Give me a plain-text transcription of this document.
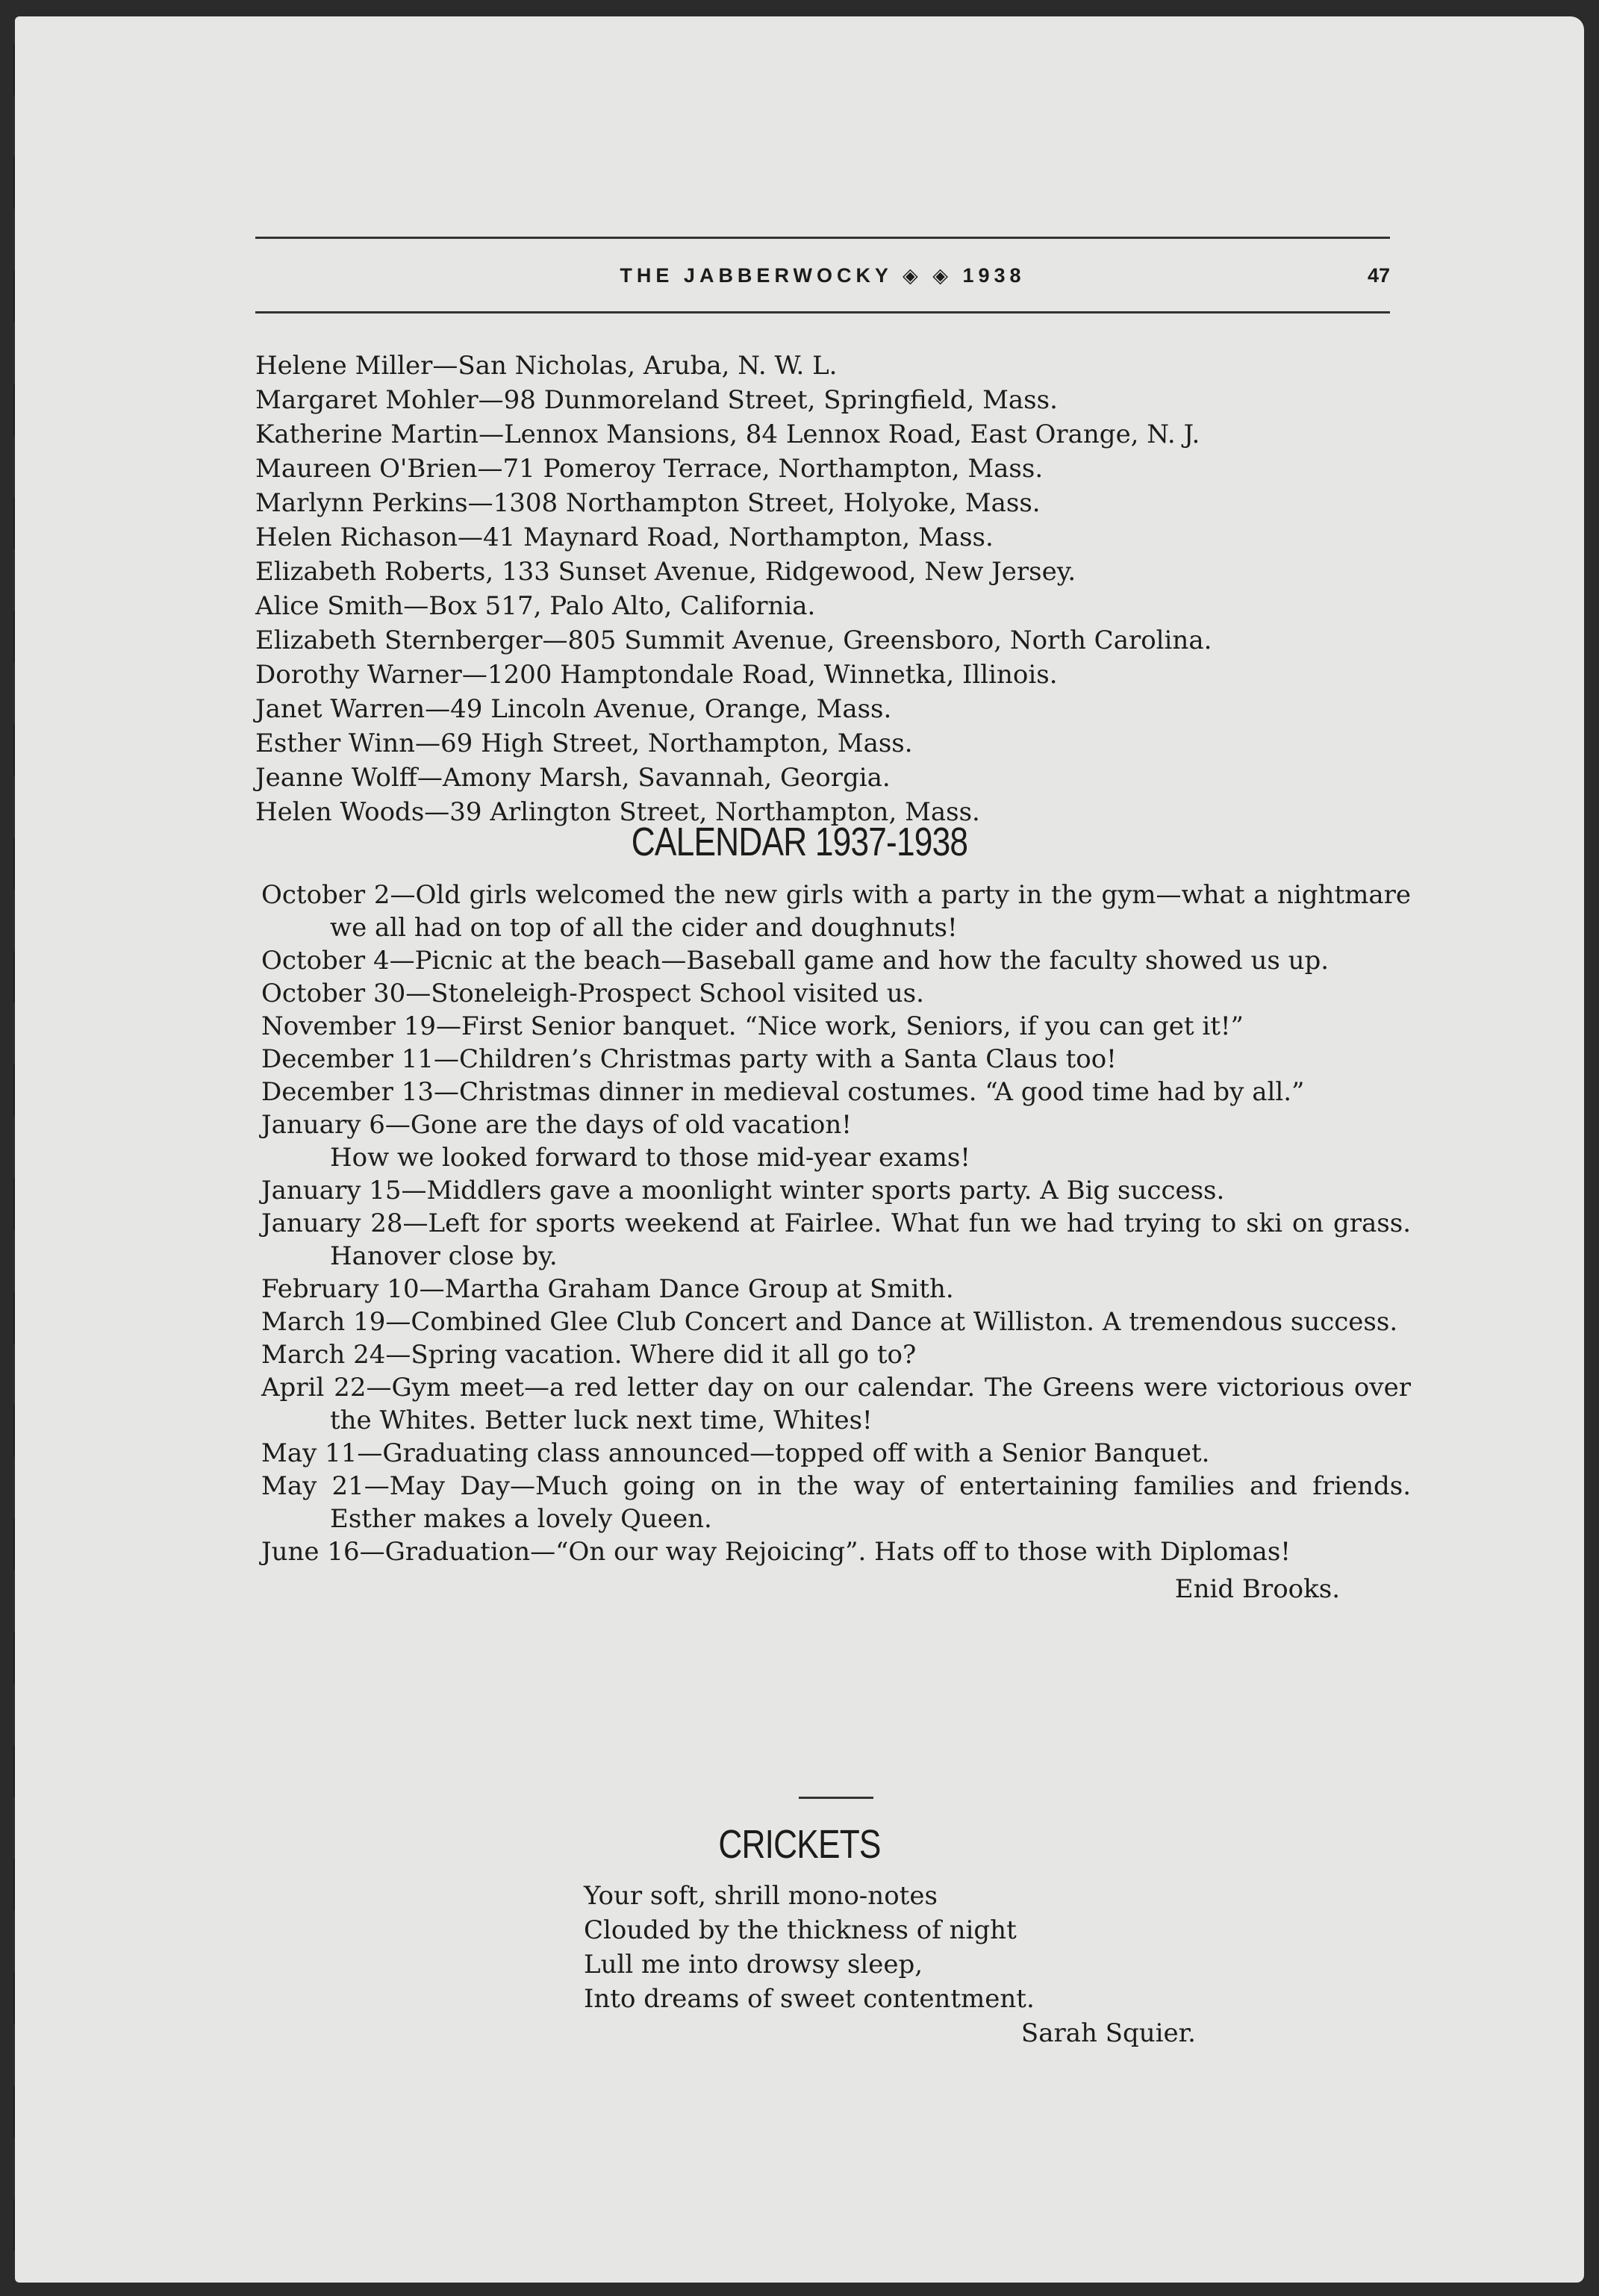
THE JABBERWOCKY ◈ ◈ 1938	47
Helene Miller—San Nicholas, Aruba, N. W. L.
Margaret Mohler—98 Dunmoreland Street, Springfield, Mass.
Katherine Martin—Lennox Mansions, 84 Lennox Road, East Orange, N. J.
Maureen O'Brien—71 Pomeroy Terrace, Northampton, Mass.
Marlynn Perkins—1308 Northampton Street, Holyoke, Mass.
Helen Richason—41 Maynard Road, Northampton, Mass.
Elizabeth Roberts, 133 Sunset Avenue, Ridgewood, New Jersey.
Alice Smith—Box 517, Palo Alto, California.
Elizabeth Sternberger—805 Summit Avenue, Greensboro, North Carolina.
Dorothy Warner—1200 Hamptondale Road, Winnetka, Illinois.
Janet Warren—49 Lincoln Avenue, Orange, Mass.
Esther Winn—69 High Street, Northampton, Mass.
Jeanne Wolff—Amony Marsh, Savannah, Georgia.
Helen Woods—39 Arlington Street, Northampton, Mass.
CALENDAR 1937-1938
October 2—Old girls welcomed the new girls with a party in the gym—what a nightmare we all had on top of all the cider and doughnuts!
October 4—Picnic at the beach—Baseball game and how the faculty showed us up.
October 30—Stoneleigh-Prospect School visited us.
November 19—First Senior banquet. “Nice work, Seniors, if you can get it!”
December 11—Children’s Christmas party with a Santa Claus too!
December 13—Christmas dinner in medieval costumes. “A good time had by all.”
January 6—Gone are the days of old vacation!
How we looked forward to those mid-year exams!
January 15—Middlers gave a moonlight winter sports party. A Big success.
January 28—Left for sports weekend at Fairlee. What fun we had trying to ski on grass. Hanover close by.
February 10—Martha Graham Dance Group at Smith.
March 19—Combined Glee Club Concert and Dance at Williston. A tremendous success.
March 24—Spring vacation. Where did it all go to?
April 22—Gym meet—a red letter day on our calendar. The Greens were victorious over the Whites. Better luck next time, Whites!
May 11—Graduating class announced—topped off with a Senior Banquet.
May 21—May Day—Much going on in the way of entertaining families and friends. Esther makes a lovely Queen.
June 16—Graduation—“On our way Rejoicing”. Hats off to those with Diplomas!
Enid Brooks.
CRICKETS
Your soft, shrill mono-notes
Clouded by the thickness of night
Lull me into drowsy sleep,
Into dreams of sweet contentment.
Sarah Squier.
